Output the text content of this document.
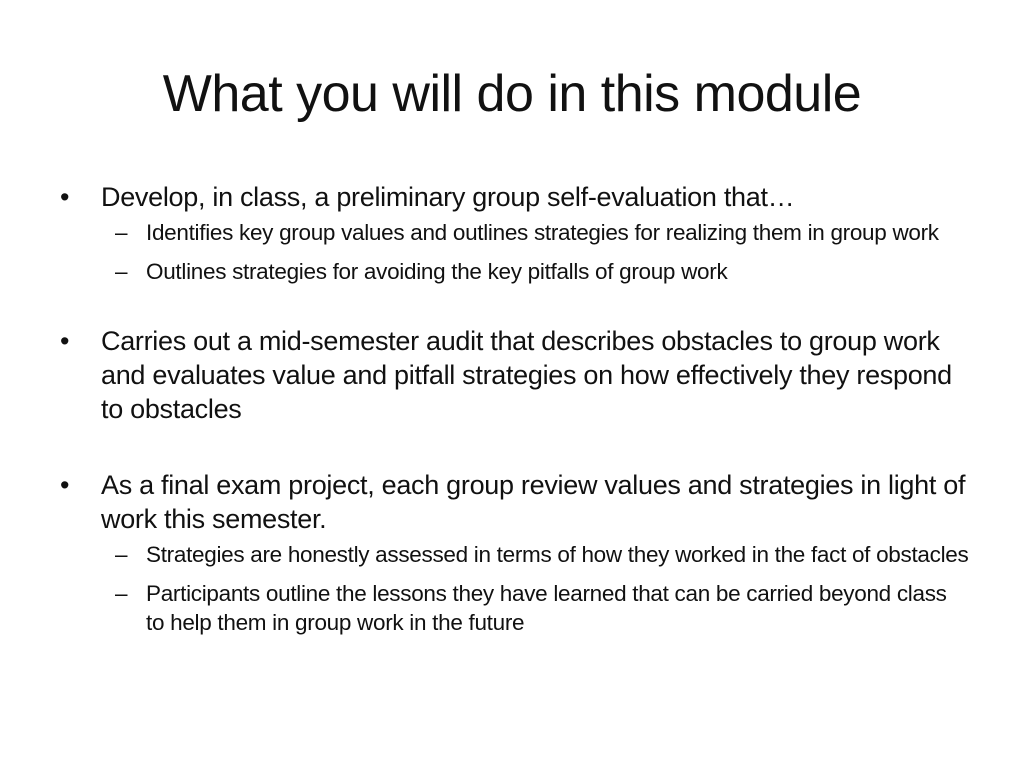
What you will do in this module

•	Develop, in class, a preliminary group self-evaluation that…

– Identifies key group values and outlines strategies for realizing them in group work

– Outlines strategies for avoiding the key pitfalls of group work

•	Carries out a mid-semester audit that describes obstacles to group work and evaluates value and pitfall strategies on how effectively they respond to obstacles

•	As a final exam project, each group review values and strategies in light of work this semester.

– Strategies are honestly assessed in terms of how they worked in the fact of obstacles

– Participants outline the lessons they have learned that can be carried beyond class to help them in group work in the future
